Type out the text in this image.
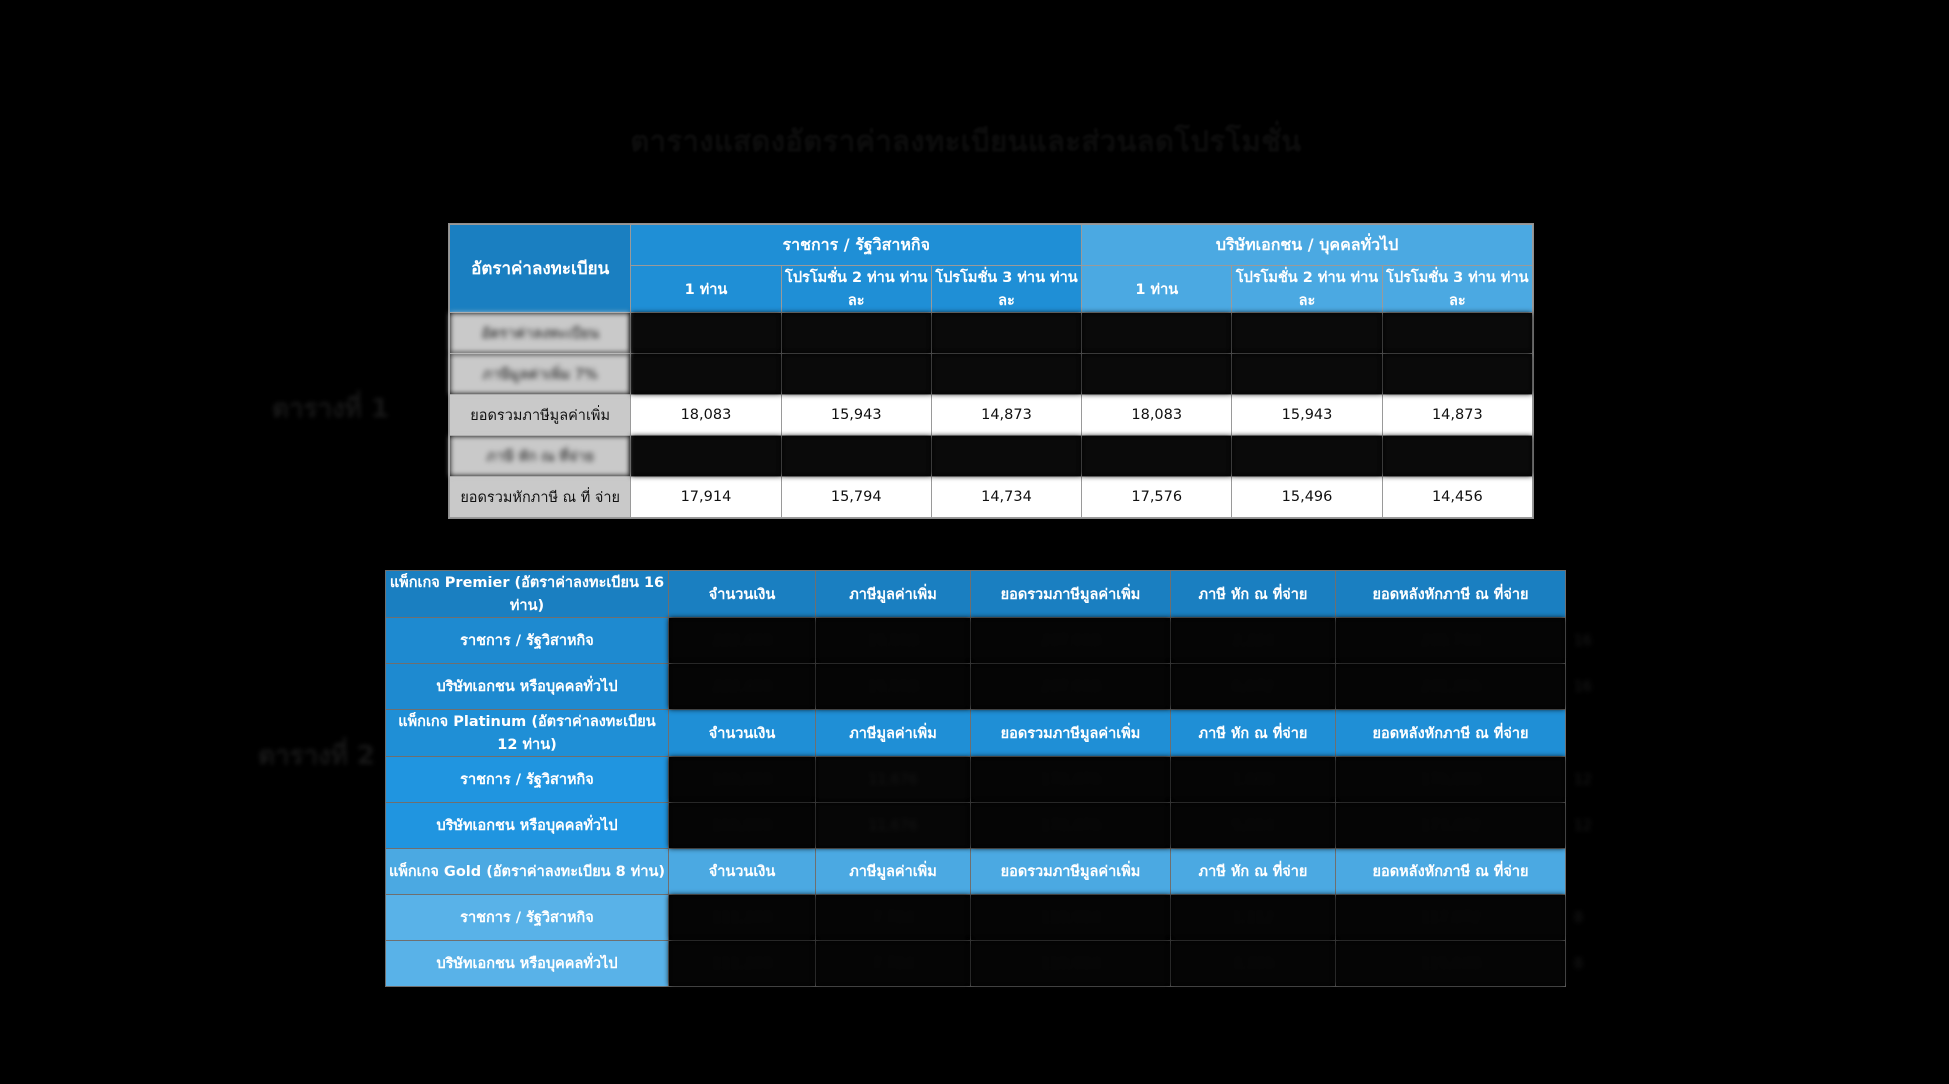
ตารางแสดงอัตราค่าลงทะเบียนและส่วนลดโปรโมชั่น
ตารางที่ 1
ตารางที่ 2
อัตราค่าลงทะเบียน	ราชการ / รัฐวิสาหกิจ			บริษัทเอกชน / บุคคลทั่วไป		
	1 ท่าน	โปรโมชั่น 2 ท่าน ท่านละ	โปรโมชั่น 3 ท่าน ท่านละ	1 ท่าน	โปรโมชั่น 2 ท่าน ท่านละ	โปรโมชั่น 3 ท่าน ท่านละ
อัตราค่าลงทะเบียน	16,900	14,900	13,900	16,900	14,900	13,900
ภาษีมูลค่าเพิ่ม 7%	1,183	1,043	973	1,183	1,043	973
ยอดรวมภาษีมูลค่าเพิ่ม	18,083	15,943	14,873	18,083	15,943	14,873
ภาษี หัก ณ ที่จ่าย	169	149	139	507	447	417
ยอดรวมหักภาษี ณ ที่ จ่าย	17,914	15,794	14,734	17,576	15,496	14,456
แพ็กเกจ Premier (อัตราค่าลงทะเบียน 16 ท่าน)	จำนวนเงิน	ภาษีมูลค่าเพิ่ม	ยอดรวมภาษีมูลค่าเพิ่ม	ภาษี หัก ณ ที่จ่าย	ยอดหลังหักภาษี ณ ที่จ่าย	
ราชการ / รัฐวิสาหกิจ	222,400	15,568	237,968	2,224	235,744	16
บริษัทเอกชน หรือบุคคลทั่วไป	222,400	15,568	237,968	6,672	231,296	16
แพ็กเกจ Platinum (อัตราค่าลงทะเบียน 12 ท่าน)	จำนวนเงิน	ภาษีมูลค่าเพิ่ม	ยอดรวมภาษีมูลค่าเพิ่ม	ภาษี หัก ณ ที่จ่าย	ยอดหลังหักภาษี ณ ที่จ่าย	
ราชการ / รัฐวิสาหกิจ	166,800	11,676	178,476	1,668	176,808	12
บริษัทเอกชน หรือบุคคลทั่วไป	166,800	11,676	178,476	5,004	173,472	12
แพ็กเกจ Gold (อัตราค่าลงทะเบียน 8 ท่าน)	จำนวนเงิน	ภาษีมูลค่าเพิ่ม	ยอดรวมภาษีมูลค่าเพิ่ม	ภาษี หัก ณ ที่จ่าย	ยอดหลังหักภาษี ณ ที่จ่าย	
ราชการ / รัฐวิสาหกิจ	111,200	7,784	118,984	1,112	117,872	8
บริษัทเอกชน หรือบุคคลทั่วไป	111,200	7,784	118,984	3,336	115,648	8
